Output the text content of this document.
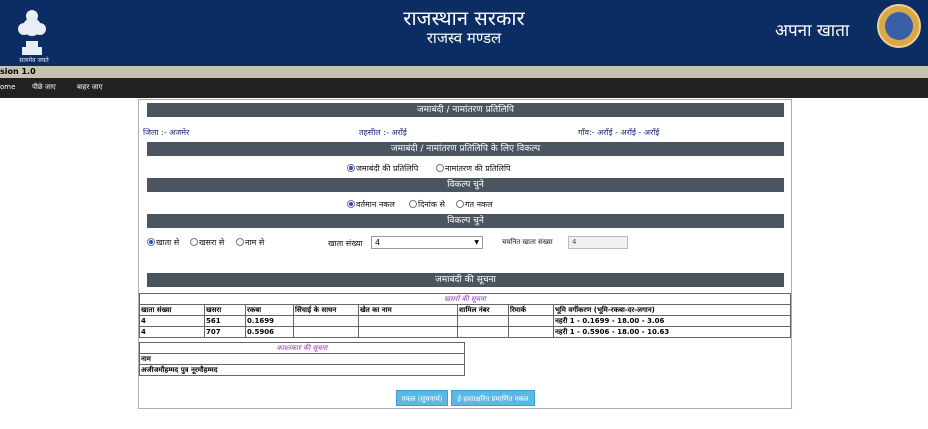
सत्यमेव जयते
राजस्थान सरकार
राजस्व मण्डल	अपना खाता
sion 1.0
ome पीछे जाए	बाहर जाए
जमाबंदी / नामांतरण प्रतिलिपि
जिला :- अजमेर	तहसील :- अराँई	गाँव:- अराँई - अराँई - अराँई
जमाबंदी / नामांतरण प्रतिलिपि के लिए विकल्प
जमाबंदी की प्रतिलिपि	नामांतरण की प्रतिलिपि
विकल्प चुने
वर्तमान नकल	दिनांक से	गत नकल
विकल्प चुने
खाता से	खसरा से	नाम से	खाता संख्या	4	▼	चयनित खाता संख्या	4
जमाबंदी की सूचना
खसरों की सूचना							
खाता संख्या	खसरा	रकबा	सिंचाई के साधन	खेत का नाम	शामिल नंबर	रिमार्क	भूमि वर्गीकरण (भूमि-रकबा-दर-लगान)
4	561	0.1699					नहरी 1 - 0.1699 - 18.00 - 3.06
4	707	0.5906					नहरी 1 - 0.5906 - 18.00 - 10.63
काश्तकार की सूचना
नाम
अजीजमौहम्मद पुत्र नूरमौहम्मद
नकल (सूचनार्थ)	ई-हस्ताक्षरित प्रमाणित नकल
